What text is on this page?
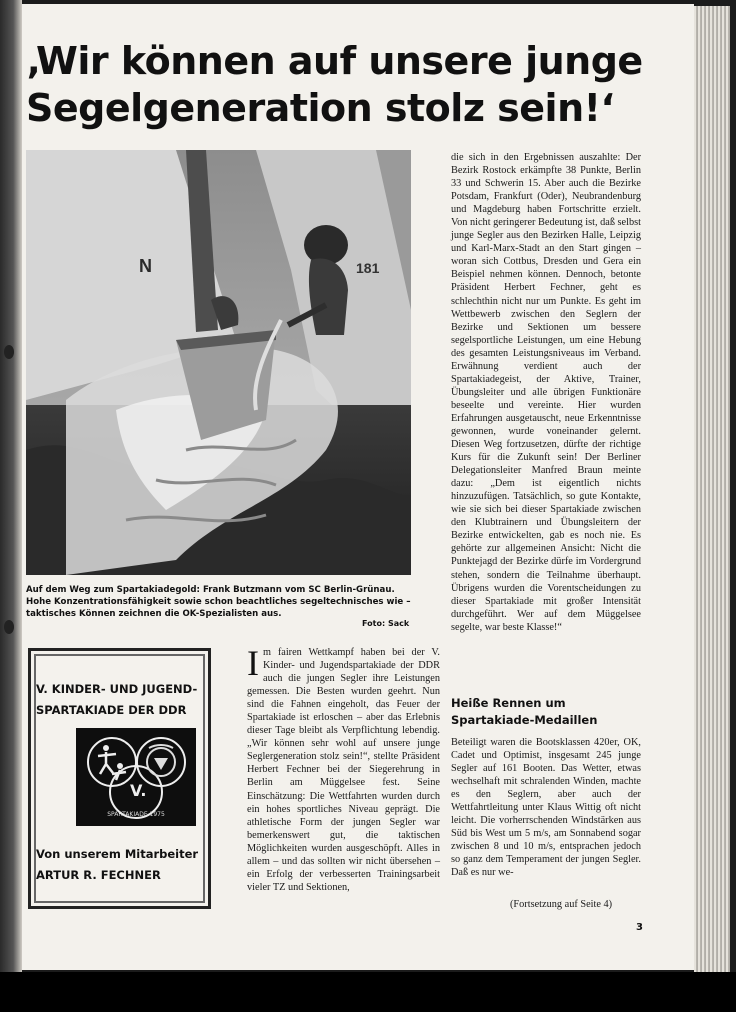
‚Wir können auf unsere junge
Segelgeneration stolz sein!‘
N	181

Auf dem Weg zum Spartakiadegold: Frank Butzmann vom SC Berlin-Grünau. Hohe Konzentrationsfähigkeit sowie schon beachtliches segeltechnisches wie – taktisches Können zeichnen die OK-Spezialisten aus.

Foto: Sack

V. KINDER- UND JUGEND-
SPARTAKIADE DER DDR

V.
SPARTAKIADE 1975

Von unserem Mitarbeiter
ARTUR R. FECHNER

Im fairen Wettkampf haben bei der V. Kinder- und Jugendspartakiade der DDR auch die jungen Segler ihre Leistungen gemessen. Die Besten wurden geehrt. Nun sind die Fahnen eingeholt, das Feuer der Spartakiade ist erloschen – aber das Erlebnis dieser Tage bleibt als Verpflichtung lebendig. „Wir können sehr wohl auf unsere junge Seglergeneration stolz sein!“, stellte Präsident Herbert Fechner bei der Siegerehrung in Berlin am Müggelsee fest. Seine Einschätzung: Die Wettfahrten wurden durch ein hohes sportliches Niveau geprägt. Die athletische Form der jungen Segler war bemerkenswert gut, die taktischen Möglichkeiten wurden ausgeschöpft. Alles in allem – und das sollten wir nicht übersehen – ein Erfolg der verbesserten Trainingsarbeit vieler TZ und Sektionen,

die sich in den Ergebnissen auszahlte: Der Bezirk Rostock erkämpfte 38 Punkte, Berlin 33 und Schwerin 15. Aber auch die Bezirke Potsdam, Frankfurt (Oder), Neubrandenburg und Magdeburg haben Fortschritte erzielt. Von nicht geringerer Bedeutung ist, daß selbst junge Segler aus den Bezirken Halle, Leipzig und Karl-Marx-Stadt an den Start gingen – woran sich Cottbus, Dresden und Gera ein Beispiel nehmen können. Dennoch, betonte Präsident Herbert Fechner, geht es schlechthin nicht nur um Punkte. Es geht im Wettbewerb zwischen den Seglern der Bezirke und Sektionen um bessere segelsportliche Leistungen, um eine Hebung des gesamten Leistungsniveaus im Verband. Erwähnung verdient auch der Spartakiadegeist, der Aktive, Trainer, Übungsleiter und alle übrigen Funktionäre beseelte und vereinte. Hier wurden Erfahrungen ausgetauscht, neue Erkenntnisse gewonnen, wurde voneinander gelernt. Diesen Weg fortzusetzen, dürfte der richtige Kurs für die Zukunft sein! Der Berliner Delegationsleiter Manfred Braun meinte dazu: „Dem ist eigentlich nichts hinzuzufügen. Tatsächlich, so gute Kontakte, wie sie sich bei dieser Spartakiade zwischen den Klubtrainern und Übungsleitern der Bezirke entwickelten, gab es noch nie. Es gehörte zur allgemeinen Ansicht: Nicht die Punktejagd der Bezirke dürfe im Vordergrund stehen, sondern die Teilnahme überhaupt. Übrigens wurden die Vorentscheidungen zu dieser Spartakiade mit großer Intensität durchgeführt. Wer auf dem Müggelsee segelte, war beste Klasse!“

Heiße Rennen um
Spartakiade-Medaillen

Beteiligt waren die Bootsklassen 420er, OK, Cadet und Optimist, insgesamt 245 junge Segler auf 161 Booten. Das Wetter, etwas wechselhaft mit schralenden Winden, machte es den Seglern, aber auch der Wettfahrtleitung unter Klaus Wittig oft nicht leicht. Die vorherrschenden Windstärken aus Süd bis West um 5 m/s, am Sonnabend sogar zwischen 8 und 10 m/s, entsprachen jedoch so ganz dem Temperament der jungen Segler. Daß es nur we-

(Fortsetzung auf Seite 4)
3
